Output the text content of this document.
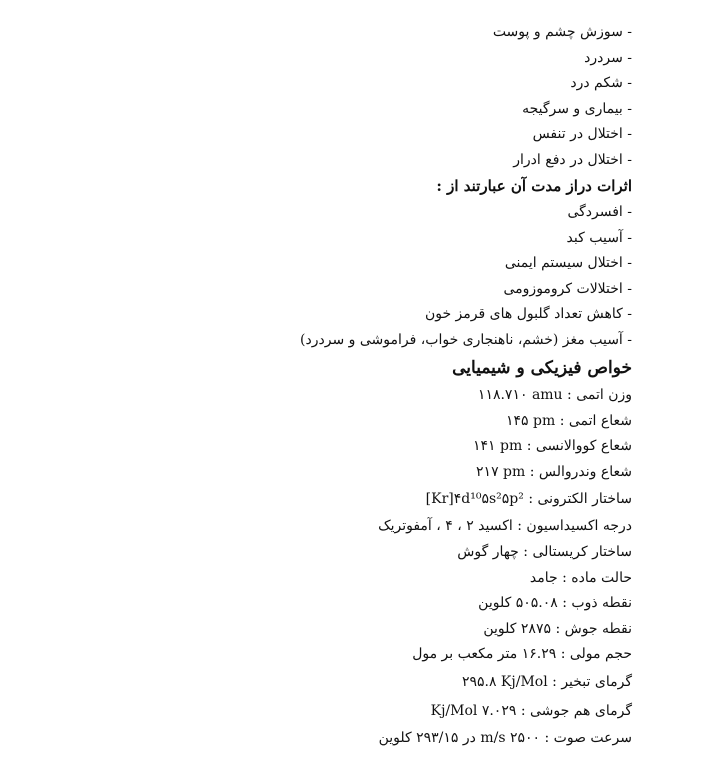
- سوزش چشم و پوست
- سردرد
- شکم درد
- بیماری و سرگیجه
- اختلال در تنفس
- اختلال در دفع ادرار
اثرات دراز مدت آن عبارتند از :
- افسردگی
- آسیب کبد
- اختلال سیستم ایمنی
- اختلالات کروموزومی
- کاهش تعداد گلبول های قرمز خون
- آسیب مغز (خشم، ناهنجاری خواب، فراموشی و سردرد)
خواص فیزیکی و شیمیایی
وزن اتمی : ۱۱۸.۷۱۰ amu
شعاع اتمی : ۱۴۵ pm
شعاع کووالانسی : ۱۴۱ pm
شعاع وندروالس : ۲۱۷ pm
ساختار الکترونی : [Kr]۴d¹⁰۵s²۵p²
درجه اکسیداسیون : اکسید ۲ ، ۴ ، آمفوتریک
ساختار کریستالی : چهار گوش
حالت ماده : جامد
نقطه ذوب : ۵۰۵.۰۸ کلوین
نقطه جوش : ۲۸۷۵ کلوین
حجم مولی : ۱۶.۲۹ متر مکعب بر مول
گرمای تبخیر : ۲۹۵.۸ Kj/Mol
گرمای هم جوشی : Kj/Mol ۷.۰۲۹
سرعت صوت : ۲۵۰۰ m/s در ۲۹۳/۱۵ کلوین
